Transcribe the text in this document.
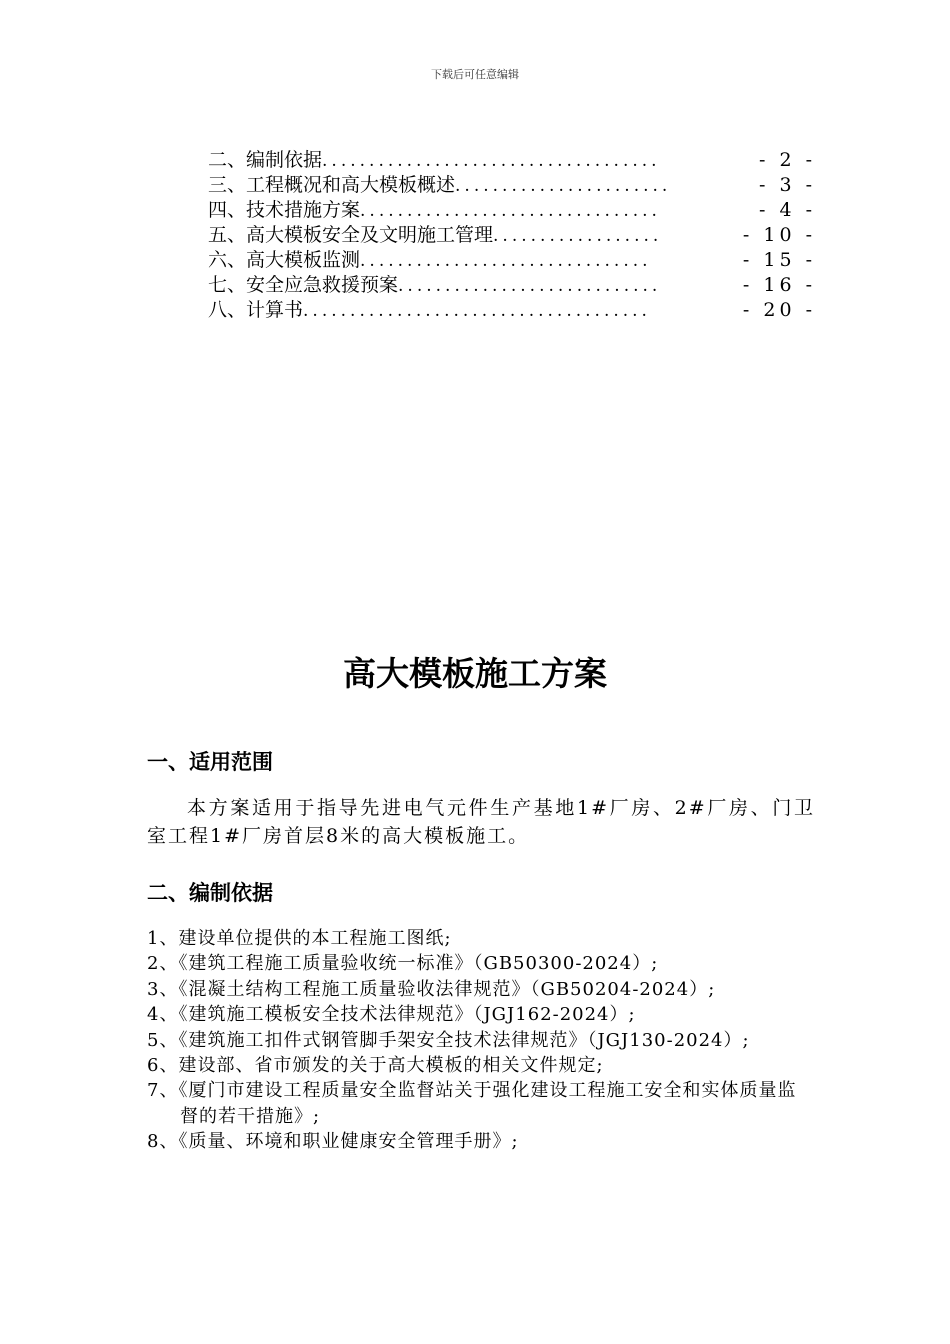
下载后可任意编辑
二、编制依据 ....................................	- 2 -
三、工程概况和高大模板概述 .......................	- 3 -
四、技术措施方案 ................................	- 4 -
五、高大模板安全及文明施工管理 ..................	- 10 -
六、高大模板监测 ...............................	- 15 -
七、安全应急救援预案 ............................	- 16 -
八、计算书 .....................................	- 20 -
高大模板施工方案
一、适用范围

本方案适用于指导先进电气元件生产基地1#厂房、2#厂房、门卫室工程1#厂房首层8米的高大模板施工。

二、编制依据
1、建设单位提供的本工程施工图纸;
2、《建筑工程施工质量验收统一标准》（GB50300-2024）;
3、《混凝土结构工程施工质量验收法律规范》（GB50204-2024）;
4、《建筑施工模板安全技术法律规范》（JGJ162-2024）;
5、《建筑施工扣件式钢管脚手架安全技术法律规范》（JGJ130-2024）;
6、建设部、省市颁发的关于高大模板的相关文件规定;
7、《厦门市建设工程质量安全监督站关于强化建设工程施工安全和实体质量监督的若干措施》;
8、《质量、环境和职业健康安全管理手册》;
